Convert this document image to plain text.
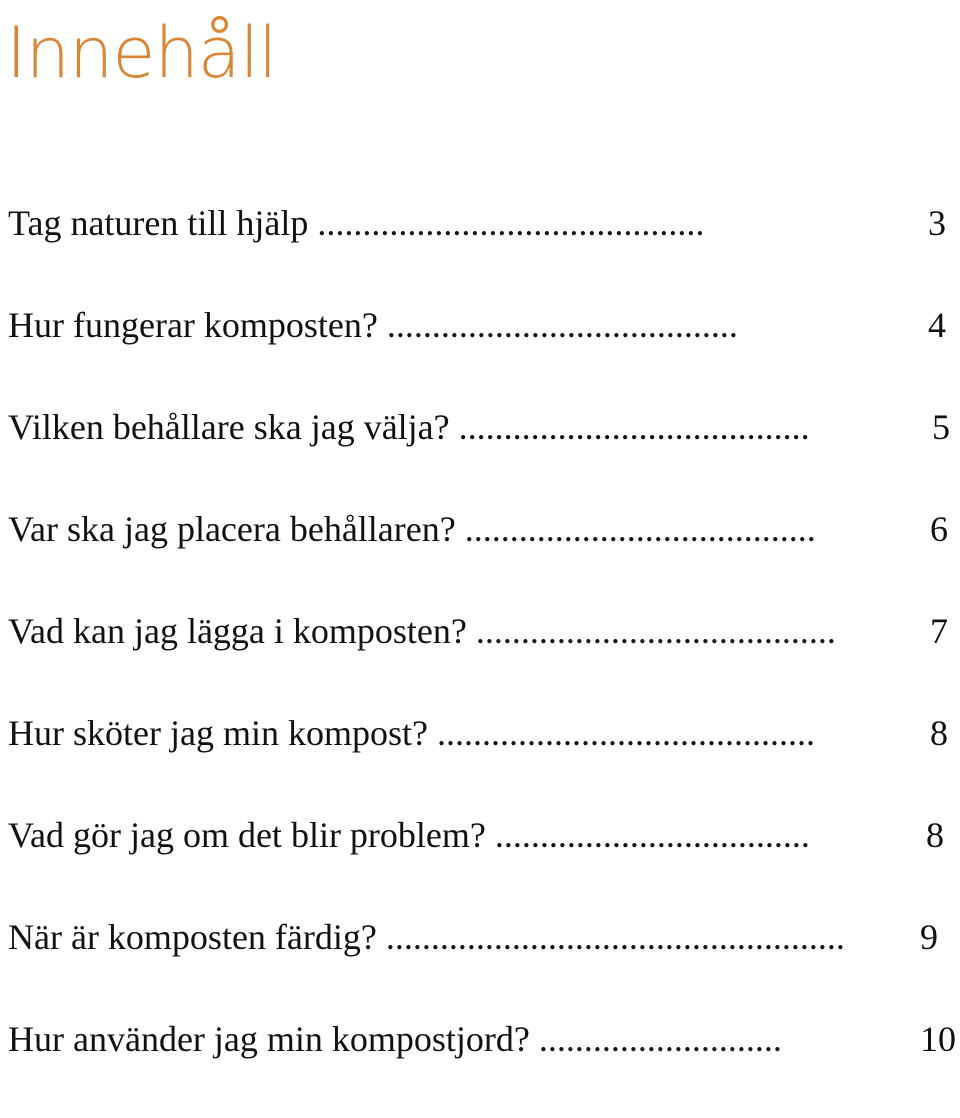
Innehåll
Tag naturen till hjälp ...........................................	3
Hur fungerar komposten? .......................................	4
Vilken behållare ska jag välja? .......................................	5
Var ska jag placera behållaren? .......................................	6
Vad kan jag lägga i komposten? ........................................	7
Hur sköter jag min kompost? ..........................................	8
Vad gör jag om det blir problem? ...................................	8
När är komposten färdig? ...................................................	9
Hur använder jag min kompostjord? ...........................	10
